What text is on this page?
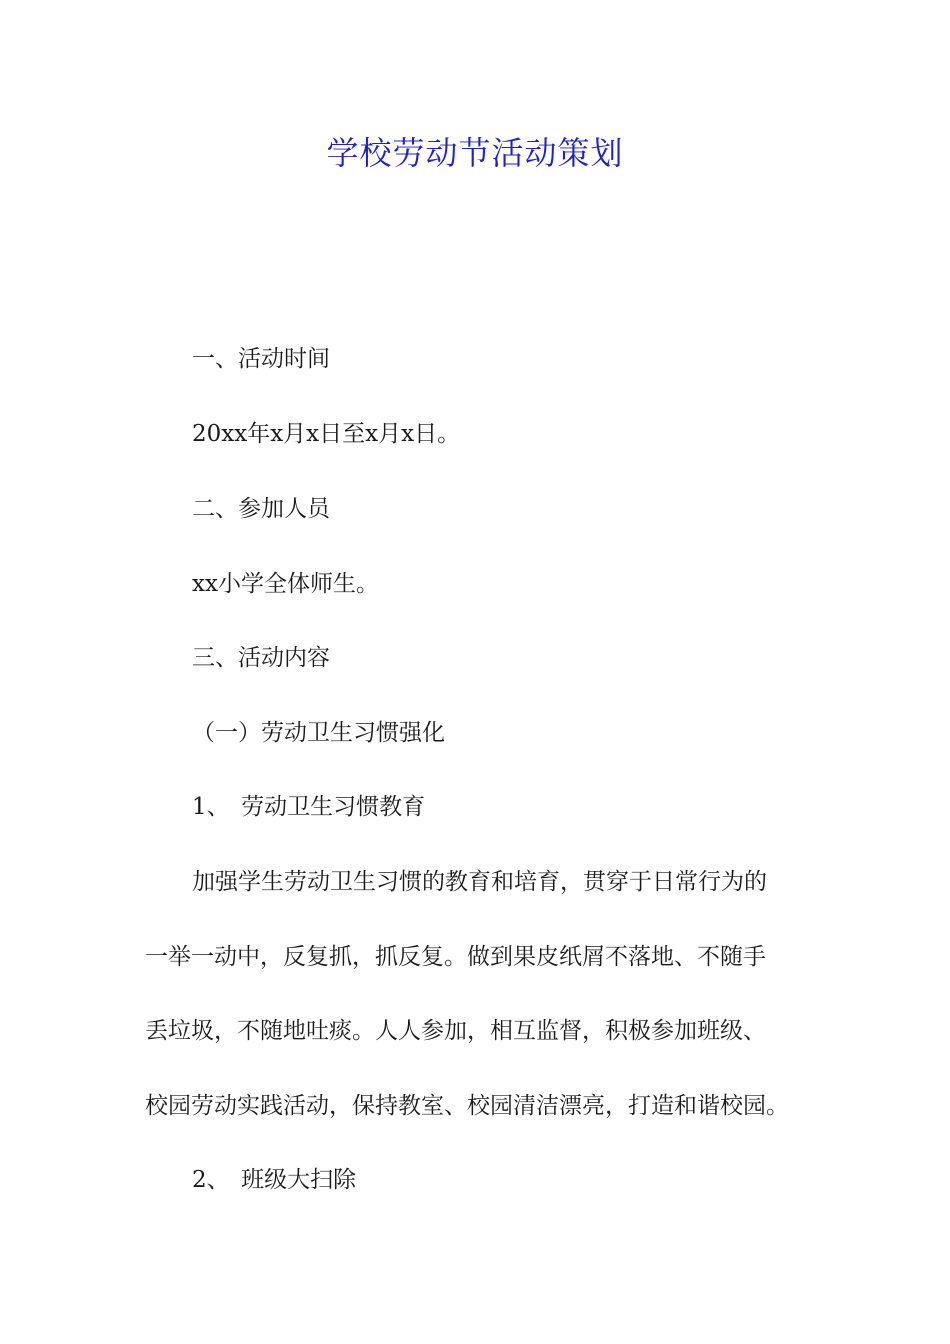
学校劳动节活动策划
一、活动时间
20xx年x月x日至x月x日。
二、参加人员
xx小学全体师生。
三、活动内容
（一）劳动卫生习惯强化
1、　劳动卫生习惯教育
加强学生劳动卫生习惯的教育和培育，贯穿于日常行为的
一举一动中，反复抓，抓反复。做到果皮纸屑不落地、不随手
丢垃圾，不随地吐痰。人人参加，相互监督，积极参加班级、
校园劳动实践活动，保持教室、校园清洁漂亮，打造和谐校园。
2、　班级大扫除
